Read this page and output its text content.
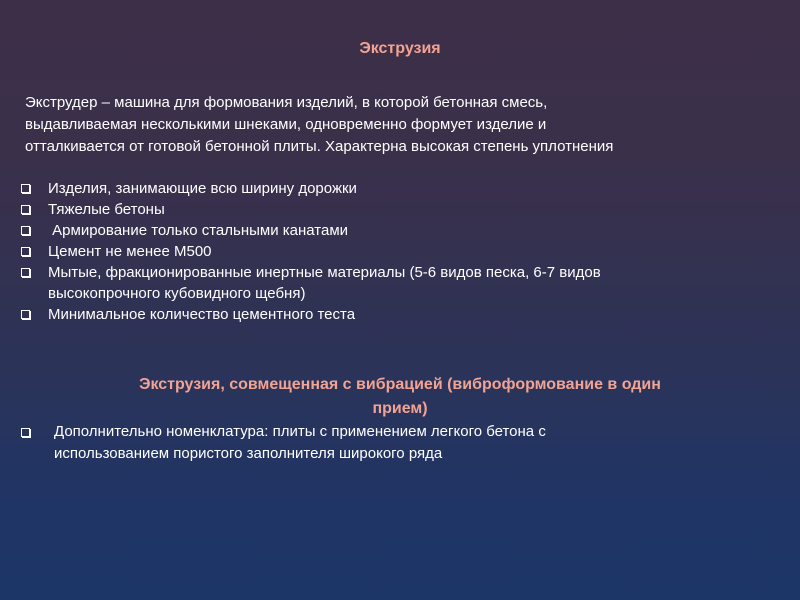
Экструзия
Экструдер – машина для формования изделий, в которой бетонная смесь,
выдавливаемая несколькими шнеками, одновременно формует изделие и
отталкивается от готовой бетонной плиты. Характерна высокая степень уплотнения
Изделия, занимающие всю ширину дорожки
Тяжелые бетоны
Армирование только стальными канатами
Цемент не менее М500
Мытые, фракционированные инертные материалы (5-6 видов песка, 6-7 видов
высокопрочного кубовидного щебня)
Минимальное количество цементного теста
Экструзия, совмещенная с вибрацией (виброформование в один
прием)
Дополнительно номенклатура: плиты с применением легкого бетона с
использованием пористого заполнителя широкого ряда
